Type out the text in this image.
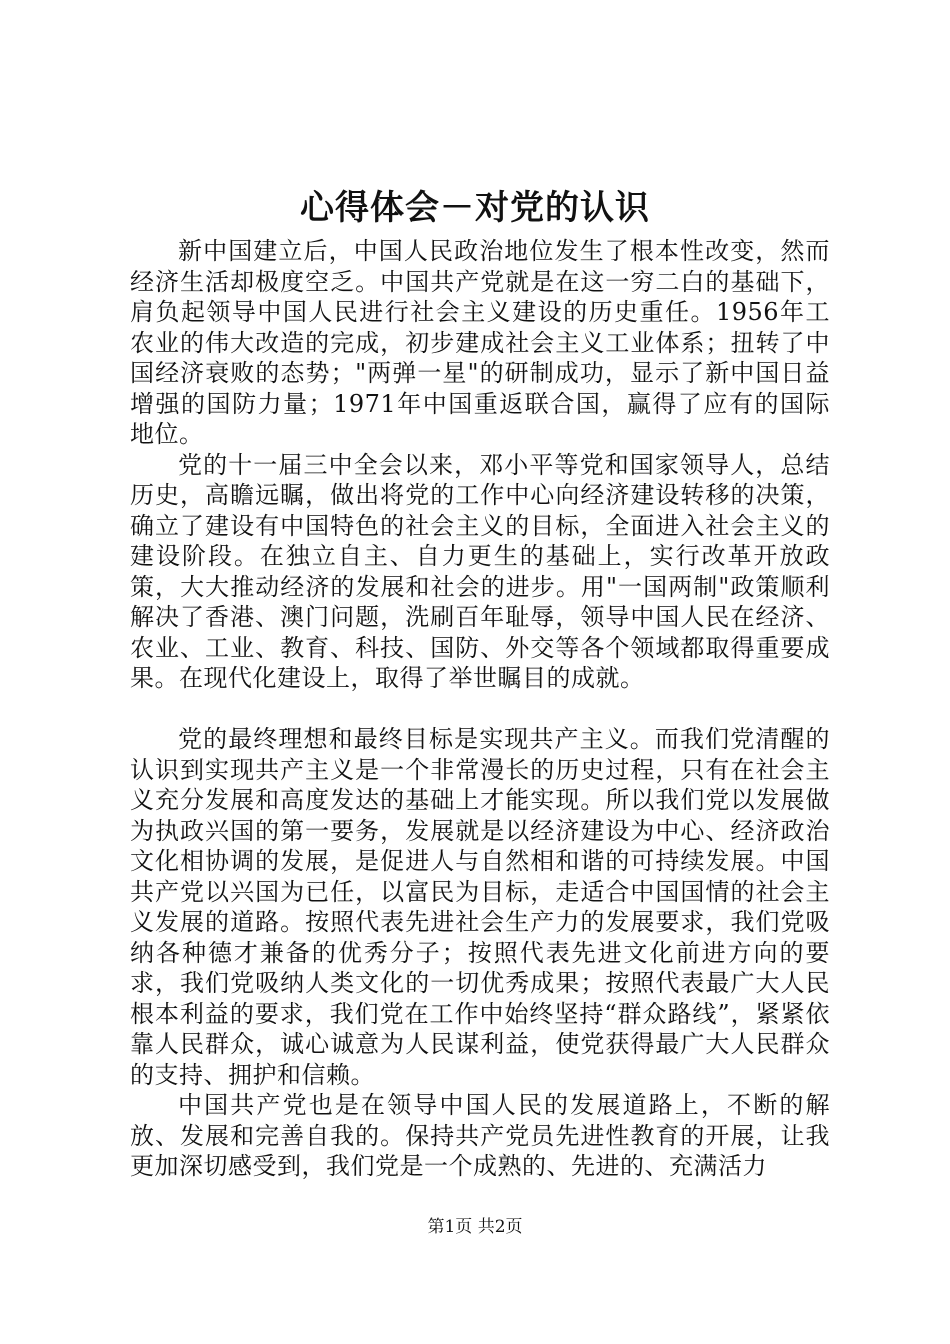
心得体会－对党的认识

新中国建立后，中国人民政治地位发生了根本性改变，然而经济生活却极度空乏。中国共产党就是在这一穷二白的基础下，肩负起领导中国人民进行社会主义建设的历史重任。1956年工农业的伟大改造的完成，初步建成社会主义工业体系；扭转了中国经济衰败的态势；"两弹一星"的研制成功，显示了新中国日益增强的国防力量；1971年中国重返联合国，赢得了应有的国际地位。

党的十一届三中全会以来，邓小平等党和国家领导人，总结历史，高瞻远瞩，做出将党的工作中心向经济建设转移的决策，确立了建设有中国特色的社会主义的目标，全面进入社会主义的建设阶段。在独立自主、自力更生的基础上，实行改革开放政策，大大推动经济的发展和社会的进步。用"一国两制"政策顺利解决了香港、澳门问题，洗刷百年耻辱，领导中国人民在经济、农业、工业、教育、科技、国防、外交等各个领域都取得重要成果。在现代化建设上，取得了举世瞩目的成就。

党的最终理想和最终目标是实现共产主义。而我们党清醒的认识到实现共产主义是一个非常漫长的历史过程，只有在社会主义充分发展和高度发达的基础上才能实现。所以我们党以发展做为执政兴国的第一要务，发展就是以经济建设为中心、经济政治文化相协调的发展，是促进人与自然相和谐的可持续发展。中国共产党以兴国为已任，以富民为目标，走适合中国国情的社会主义发展的道路。按照代表先进社会生产力的发展要求，我们党吸纳各种德才兼备的优秀分子；按照代表先进文化前进方向的要求，我们党吸纳人类文化的一切优秀成果；按照代表最广大人民根本利益的要求，我们党在工作中始终坚持“群众路线”，紧紧依靠人民群众，诚心诚意为人民谋利益，使党获得最广大人民群众的支持、拥护和信赖。

中国共产党也是在领导中国人民的发展道路上，不断的解放、发展和完善自我的。保持共产党员先进性教育的开展，让我更加深切感受到，我们党是一个成熟的、先进的、充满活力

第1页 共2页
